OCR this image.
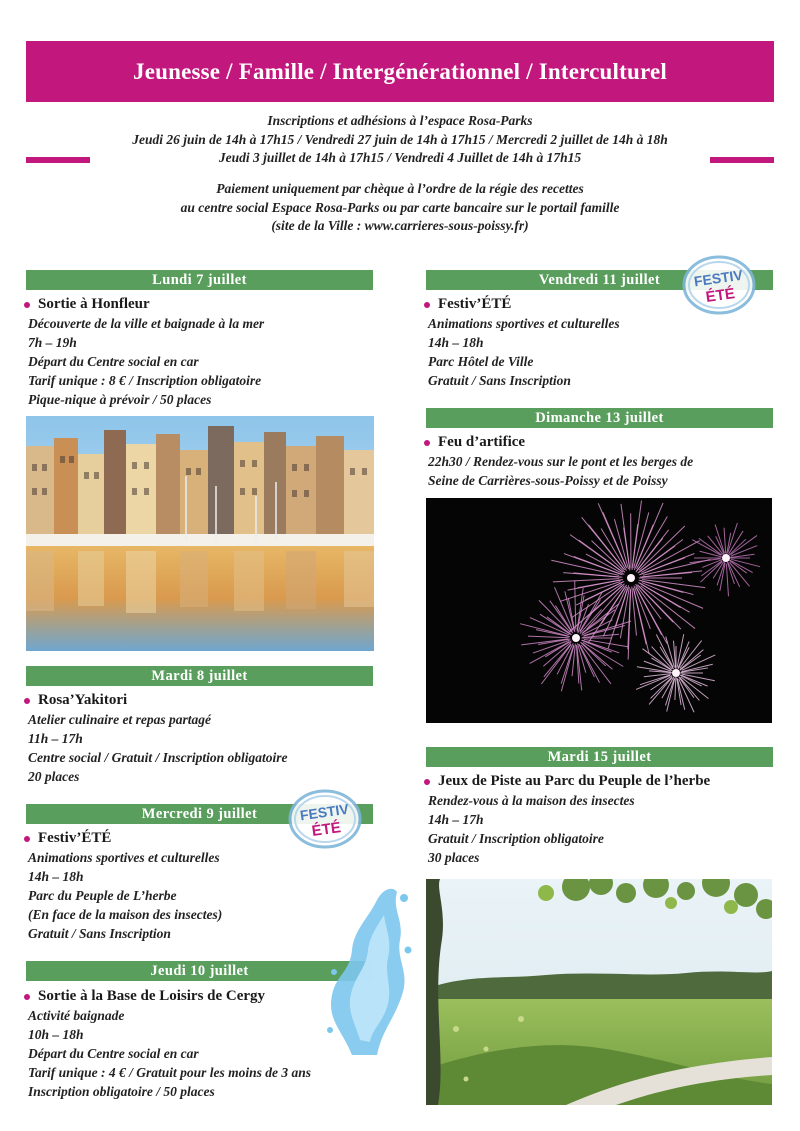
Jeunesse / Famille / Intergénérationnel / Interculturel
Inscriptions et adhésions à l’espace Rosa-Parks
Jeudi 26 juin de 14h à 17h15 / Vendredi 27 juin de 14h à 17h15 / Mercredi 2 juillet de 14h à 18h
Jeudi 3 juillet de 14h à 17h15 / Vendredi 4 Juillet de 14h à 17h15
Paiement uniquement par chèque à l’ordre de la régie des recettes
au centre social Espace Rosa-Parks ou par carte bancaire sur le portail famille
(site de la Ville : www.carrieres-sous-poissy.fr)
Lundi 7 juillet
Sortie à Honfleur
Découverte de la ville et baignade à la mer
7h – 19h
Départ du Centre social en car
Tarif unique : 8 € / Inscription obligatoire
Pique-nique à prévoir / 50 places
Mardi 8 juillet
Rosa’Yakitori
Atelier culinaire et repas partagé
11h – 17h
Centre social / Gratuit / Inscription obligatoire
20 places
Mercredi 9 juillet
Festiv’ÉTÉ
Animations sportives et culturelles
14h – 18h
Parc du Peuple de L’herbe
(En face de la maison des insectes)
Gratuit / Sans Inscription
FESTIV
ÉTÉ
Jeudi 10 juillet
Sortie à la Base de Loisirs de Cergy
Activité baignade
10h – 18h
Départ du Centre social en car
Tarif unique : 4 € / Gratuit pour les moins de 3 ans
Inscription obligatoire / 50 places
Vendredi 11 juillet
Festiv’ÉTÉ
Animations sportives et culturelles
14h – 18h
Parc Hôtel de Ville
Gratuit / Sans Inscription
FESTIV
ÉTÉ
Dimanche 13 juillet
Feu d’artifice
22h30 / Rendez-vous sur le pont et les berges de
Seine de Carrières-sous-Poissy et de Poissy
Mardi 15 juillet
Jeux de Piste au Parc du Peuple de l’herbe
Rendez-vous à la maison des insectes
14h – 17h
Gratuit / Inscription obligatoire
30 places
